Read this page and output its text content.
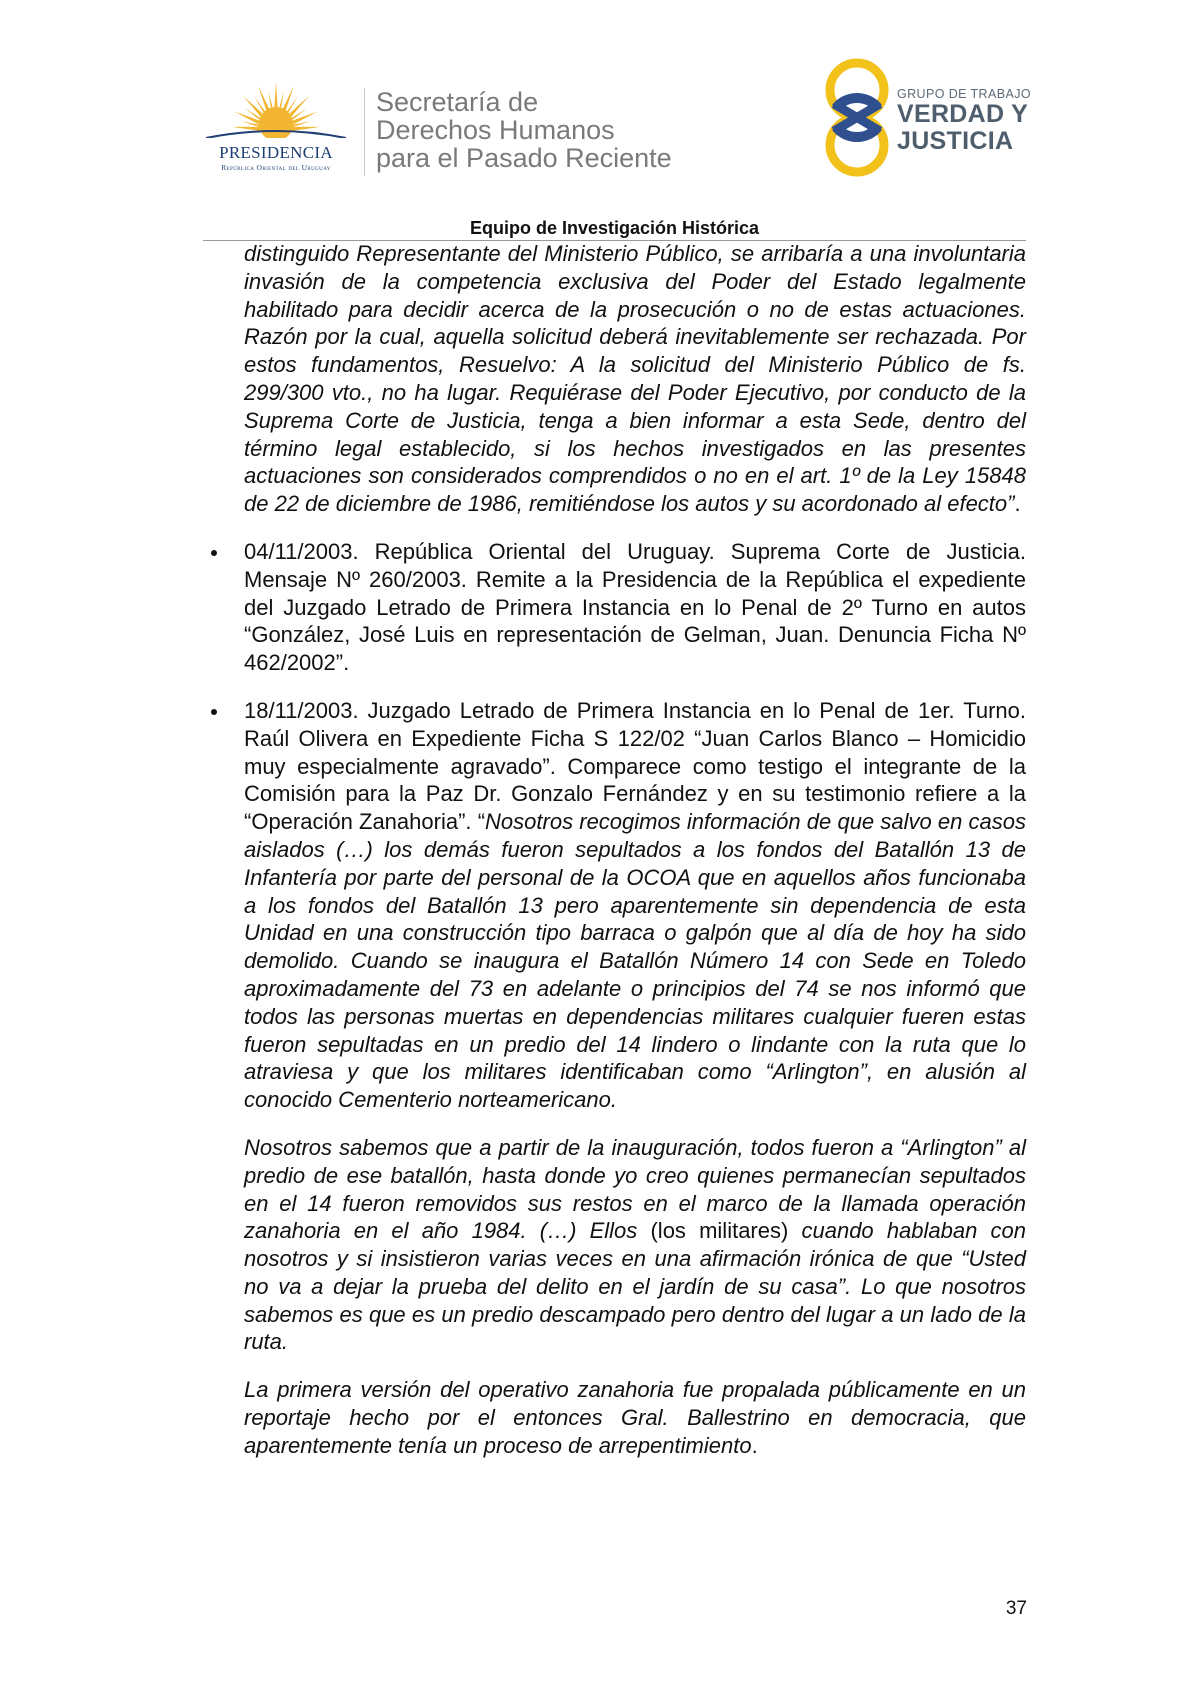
PRESIDENCIA
República Oriental del Uruguay
Secretaría de
Derechos Humanos
para el Pasado Reciente
GRUPO DE TRABAJO
VERDAD Y
JUSTICIA
Equipo de Investigación Histórica

distinguido Representante del Ministerio Público, se arribaría a una involuntaria invasión de la competencia exclusiva del Poder del Estado legalmente habilitado para decidir acerca de la prosecución o no de estas actuaciones. Razón por la cual, aquella solicitud deberá inevitablemente ser rechazada. Por estos fundamentos, Resuelvo: A la solicitud del Ministerio Público de fs. 299/300 vto., no ha lugar. Requiérase del Poder Ejecutivo, por conducto de la Suprema Corte de Justicia, tenga a bien informar a esta Sede, dentro del término legal establecido, si los hechos investigados en las presentes actuaciones son considerados comprendidos o no en el art. 1º de la Ley 15848 de 22 de diciembre de 1986, remitiéndose los autos y su acordonado al efecto”.

04/11/2003. República Oriental del Uruguay. Suprema Corte de Justicia. Mensaje Nº 260/2003. Remite a la Presidencia de la República el expediente del Juzgado Letrado de Primera Instancia en lo Penal de 2º Turno en autos “González, José Luis en representación de Gelman, Juan. Denuncia Ficha Nº 462/2002”.

18/11/2003. Juzgado Letrado de Primera Instancia en lo Penal de 1er. Turno. Raúl Olivera en Expediente Ficha S 122/02 “Juan Carlos Blanco – Homicidio muy especialmente agravado”. Comparece como testigo el integrante de la Comisión para la Paz Dr. Gonzalo Fernández y en su testimonio refiere a la “Operación Zanahoria”. “Nosotros recogimos información de que salvo en casos aislados (…) los demás fueron sepultados a los fondos del Batallón 13 de Infantería por parte del personal de la OCOA que en aquellos años funcionaba a los fondos del Batallón 13 pero aparentemente sin dependencia de esta Unidad en una construcción tipo barraca o galpón que al día de hoy ha sido demolido. Cuando se inaugura el Batallón Número 14 con Sede en Toledo aproximadamente del 73 en adelante o principios del 74 se nos informó que todos las personas muertas en dependencias militares cualquier fueren estas fueron sepultadas en un predio del 14 lindero o lindante con la ruta que lo atraviesa y que los militares identificaban como “Arlington”, en alusión al conocido Cementerio norteamericano.

Nosotros sabemos que a partir de la inauguración, todos fueron a “Arlington” al predio de ese batallón, hasta donde yo creo quienes permanecían sepultados en el 14 fueron removidos sus restos en el marco de la llamada operación zanahoria en el año 1984. (…) Ellos (los militares) cuando hablaban con nosotros y si insistieron varias veces en una afirmación irónica de que “Usted no va a dejar la prueba del delito en el jardín de su casa”. Lo que nosotros sabemos es que es un predio descampado pero dentro del lugar a un lado de la ruta.

La primera versión del operativo zanahoria fue propalada públicamente en un reportaje hecho por el entonces Gral. Ballestrino en democracia, que aparentemente tenía un proceso de arrepentimiento.

37
